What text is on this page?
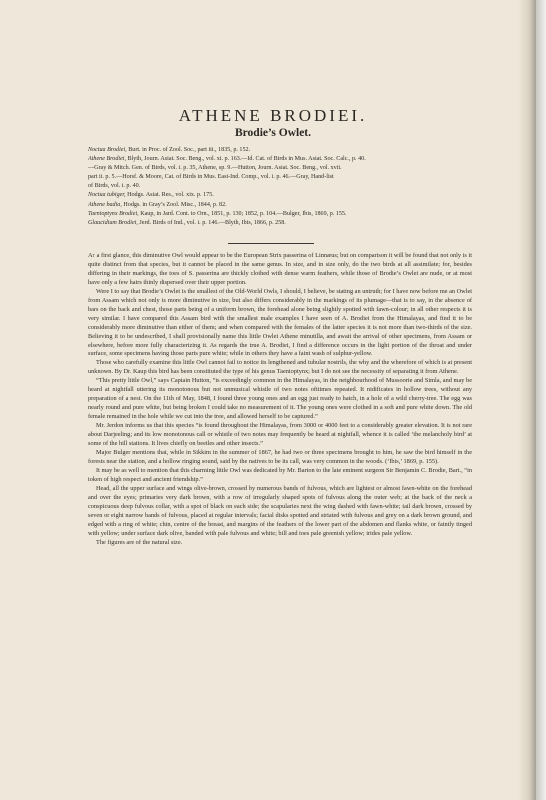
ATHENE BRODIEI.
Brodie’s Owlet.
Noctua Brodiei, Burt. in Proc. of Zool. Soc., part iii., 1835, p. 152.
Athene Brodiei, Blyth, Journ. Asiat. Soc. Beng., vol. xi. p. 163.—Id. Cat. of Birds in Mus. Asiat. Soc. Calc., p. 40.
—Gray & Mitch. Gen. of Birds, vol. i. p. 35, Athene, sp. 9.—Hutton, Journ. Asiat. Soc. Beng., vol. xvii.
part ii. p. 5.—Horsf. & Moore, Cat. of Birds in Mus. East-Ind. Comp., vol. i. p. 46.—Gray, Hand-list
of Birds, vol. i. p. 40.
Noctua tubiger, Hodgs. Asiat. Res., vol. xix. p. 175.
Athene badia, Hodgs. in Gray’s Zool. Misc., 1844, p. 82.
Taenioptynx Brodiei, Kaup, in Jard. Cont. to Orn., 1851, p. 130; 1852, p. 104.—Bulger, Ibis, 1869, p. 155.
Glaucidium Brodiei, Jerd. Birds of Ind., vol. i. p. 146.—Blyth, Ibis, 1866, p. 258.
At a first glance, this diminutive Owl would appear to be the European Strix passerina of Linnæus; but on comparison it will be found that not only is it quite distinct from that species, but it cannot be placed in the same genus. In size, and in size only, do the two birds at all assimilate; for, besides differing in their markings, the toes of S. passerina are thickly clothed with dense warm feathers, while those of Brodie’s Owlet are nude, or at most have only a few hairs thinly dispersed over their upper portion.
Were I to say that Brodie’s Owlet is the smallest of the Old-World Owls, I should, I believe, be stating an untruth; for I have now before me an Owlet from Assam which not only is more diminutive in size, but also differs considerably in the markings of its plumage—that is to say, in the absence of bars on the back and chest, those parts being of a uniform brown, the forehead alone being slightly spotted with fawn-colour; in all other respects it is very similar. I have compared this Assam bird with the smallest male examples I have seen of A. Brodiei from the Himalayas, and find it to be considerably more diminutive than either of them; and when compared with the females of the latter species it is not more than two-thirds of the size. Believing it to be undescribed, I shall provisionally name this little Owlet Athene minutilla, and await the arrival of other specimens, from Assam or elsewhere, before more fully characterizing it. As regards the true A. Brodiei, I find a difference occurs in the light portion of the throat and under surface, some specimens having those parts pure white; while in others they have a faint wash of sulphur-yellow.
Those who carefully examine this little Owl cannot fail to notice its lengthened and tubular nostrils, the why and the wherefore of which is at present unknown. By Dr. Kaup this bird has been constituted the type of his genus Taenioptynx; but I do not see the necessity of separating it from Athene.
“This pretty little Owl,” says Captain Hutton, “is exceedingly common in the Himalayas, in the neighbourhood of Mussoorie and Simla, and may be heard at nightfall uttering its monotonous but not unmusical whistle of two notes ofttimes repeated. It nidificates in hollow trees, without any preparation of a nest. On the 11th of May, 1848, I found three young ones and an egg just ready to hatch, in a hole of a wild cherry-tree. The egg was nearly round and pure white, but being broken I could take no measurement of it. The young ones were clothed in a soft and pure white down. The old female remained in the hole while we cut into the tree, and allowed herself to be captured.”
Mr. Jerdon informs us that this species “is found throughout the Himalayas, from 3000 or 4000 feet to a considerably greater elevation. It is not rare about Darjeeling; and its low monotonous call or whistle of two notes may frequently be heard at nightfall, whence it is called ‘the melancholy bird’ at some of the hill stations. It lives chiefly on beetles and other insects.”
Major Bulger mentions that, while in Sikkim in the summer of 1867, he had two or three specimens brought to him, he saw the bird himself in the forests near the station, and a hollow ringing sound, said by the natives to be its call, was very common in the woods. (‘Ibis,’ 1869, p. 155).
It may be as well to mention that this charming little Owl was dedicated by Mr. Barton to the late eminent surgeon Sir Benjamin C. Brodie, Bart., “in token of high respect and ancient friendship.”
Head, all the upper surface and wings olive-brown, crossed by numerous bands of fulvous, which are lightest or almost fawn-white on the forehead and over the eyes; primaries very dark brown, with a row of irregularly shaped spots of fulvous along the outer web; at the back of the neck a conspicuous deep fulvous collar, with a spot of black on each side; the scapularies next the wing dashed with fawn-white; tail dark brown, crossed by seven or eight narrow bands of fulvous, placed at regular intervals; facial disks spotted and striated with fulvous and grey on a dark brown ground, and edged with a ring of white; chin, centre of the breast, and margins of the feathers of the lower part of the abdomen and flanks white, or faintly tinged with yellow; under surface dark olive, banded with pale fulvous and white; bill and toes pale greenish yellow; irides pale yellow.
The figures are of the natural size.
